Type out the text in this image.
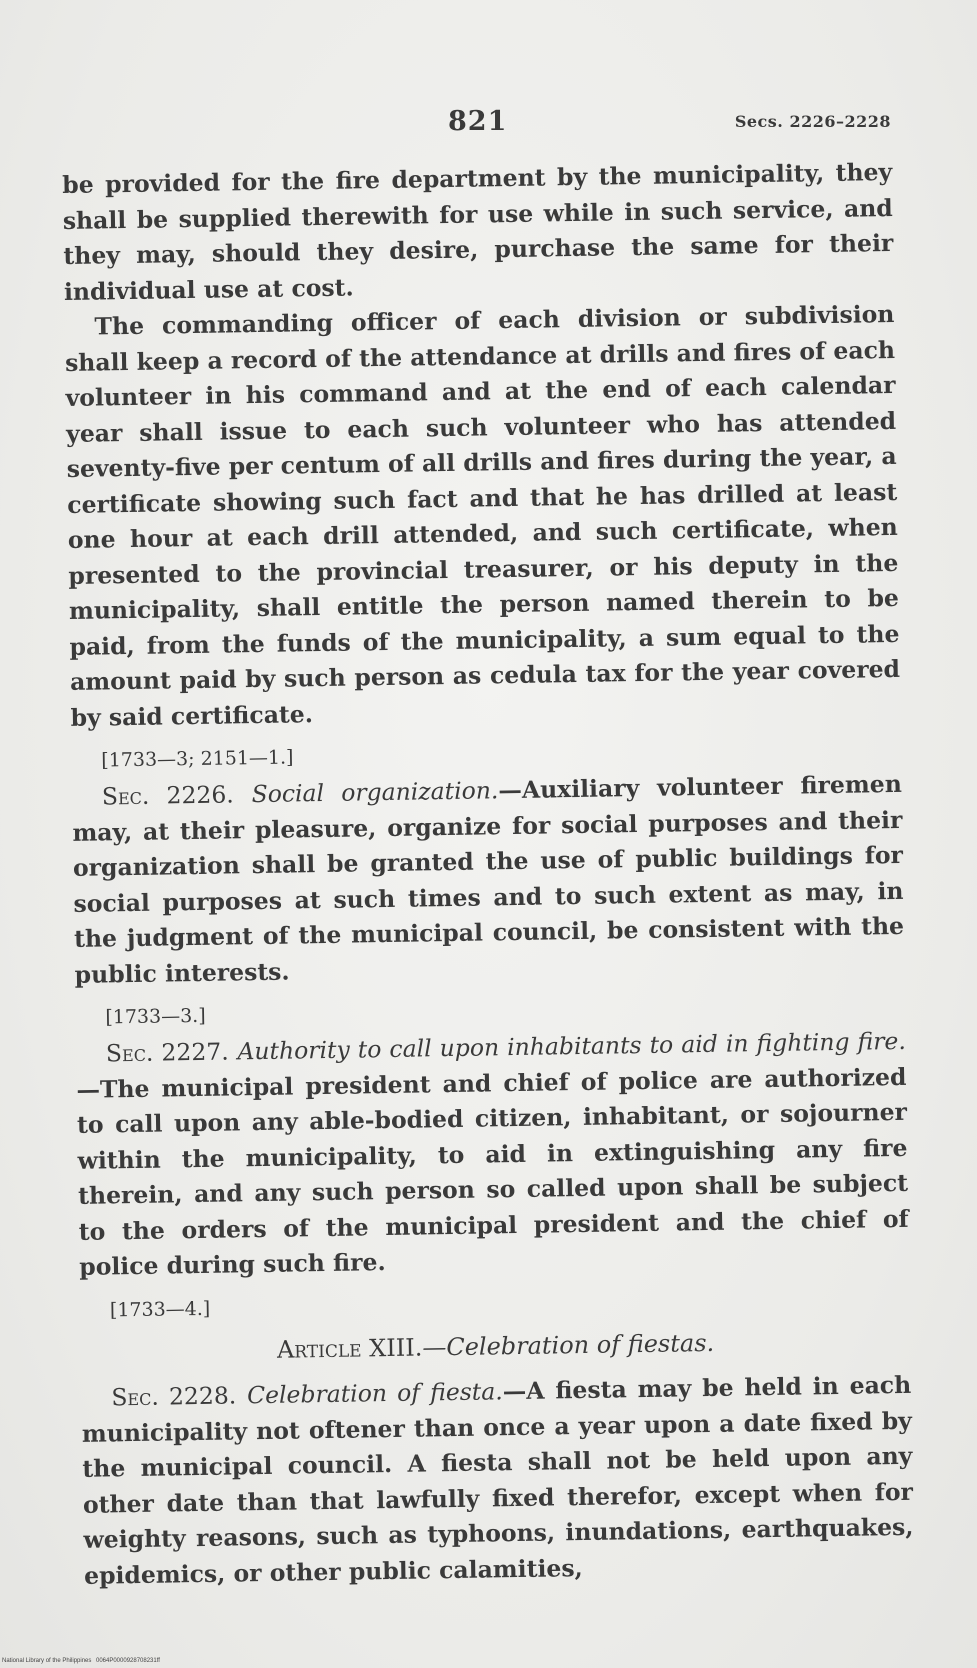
821	Secs. 2226–2228

be provided for the fire department by the municipality, they shall be supplied therewith for use while in such service, and they may, should they desire, purchase the same for their individual use at cost.

The commanding officer of each division or subdivision shall keep a record of the attendance at drills and fires of each volunteer in his command and at the end of each calendar year shall issue to each such volunteer who has attended seventy-five per centum of all drills and fires during the year, a certificate showing such fact and that he has drilled at least one hour at each drill attended, and such certificate, when presented to the provincial treasurer, or his deputy in the municipality, shall entitle the person named therein to be paid, from the funds of the municipality, a sum equal to the amount paid by such person as cedula tax for the year covered by said certificate.

[1733—3; 2151—1.]

Sec. 2226. Social organization.—Auxiliary volunteer firemen may, at their pleasure, organize for social purposes and their organization shall be granted the use of public buildings for social purposes at such times and to such extent as may, in the judgment of the municipal council, be consistent with the public interests.

[1733—3.]

Sec. 2227. Authority to call upon inhabitants to aid in fighting fire.—The municipal president and chief of police are authorized to call upon any able-bodied citizen, inhabitant, or sojourner within the municipality, to aid in extinguishing any fire therein, and any such person so called upon shall be subject to the orders of the municipal president and the chief of police during such fire.

[1733—4.]

Article XIII.—Celebration of fiestas.

Sec. 2228. Celebration of fiesta.—A fiesta may be held in each municipality not oftener than once a year upon a date fixed by the municipal council. A fiesta shall not be held upon any other date than that lawfully fixed therefor, except when for weighty reasons, such as typhoons, inundations, earthquakes, epidemics, or other public calamities,

National Library of the Philippines 0064P0000928708231ff
